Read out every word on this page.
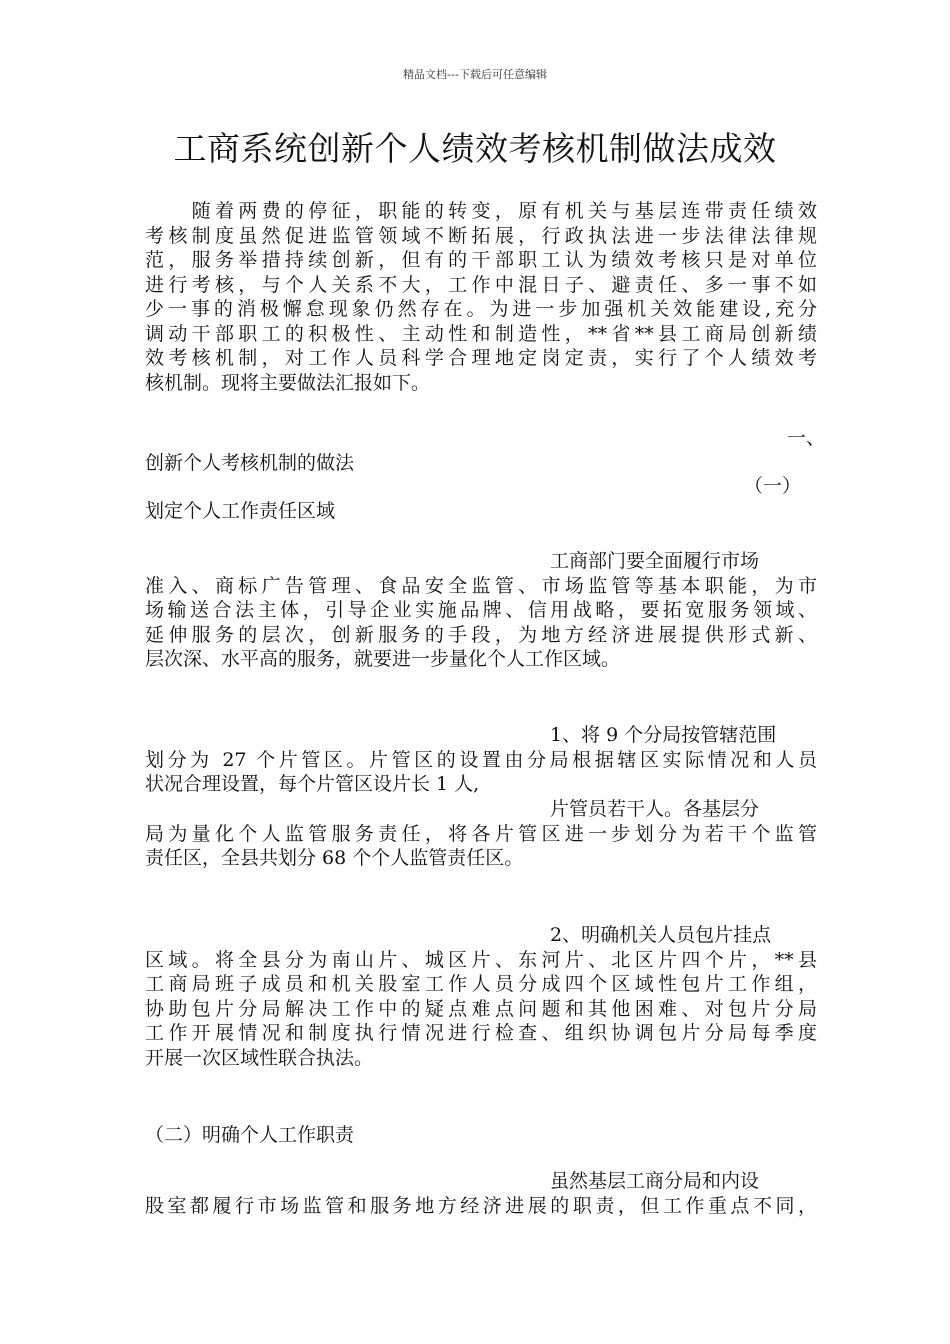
精品文档---下载后可任意编辑
工商系统创新个人绩效考核机制做法成效
　　随着两费的停征，职能的转变，原有机关与基层连带责任绩效
考核制度虽然促进监管领域不断拓展，行政执法进一步法律法律规
范，服务举措持续创新，但有的干部职工认为绩效考核只是对单位
进行考核，与个人关系不大，工作中混日子、避责任、多一事不如
少一事的消极懈怠现象仍然存在。为进一步加强机关效能建设,充分
调动干部职工的积极性、主动性和制造性，**省**县工商局创新绩
效考核机制，对工作人员科学合理地定岗定责，实行了个人绩效考
核机制。现将主要做法汇报如下。
一、
创新个人考核机制的做法
（一）
划定个人工作责任区域
工商部门要全面履行市场
准入、商标广告管理、食品安全监管、市场监管等基本职能，为市
场输送合法主体，引导企业实施品牌、信用战略，要拓宽服务领域、
延伸服务的层次，创新服务的手段，为地方经济进展提供形式新、
层次深、水平高的服务，就要进一步量化个人工作区域。
1、将 9 个分局按管辖范围
划分为 27 个片管区。片管区的设置由分局根据辖区实际情况和人员
状况合理设置，每个片管区设片长 1 人,
片管员若干人。各基层分
局为量化个人监管服务责任，将各片管区进一步划分为若干个监管
责任区，全县共划分 68 个个人监管责任区。
2、明确机关人员包片挂点
区域。将全县分为南山片、城区片、东河片、北区片四个片，**县
工商局班子成员和机关股室工作人员分成四个区域性包片工作组，
协助包片分局解决工作中的疑点难点问题和其他困难、对包片分局
工作开展情况和制度执行情况进行检查、组织协调包片分局每季度
开展一次区域性联合执法。
（二）明确个人工作职责
虽然基层工商分局和内设
股室都履行市场监管和服务地方经济进展的职责，但工作重点不同，
